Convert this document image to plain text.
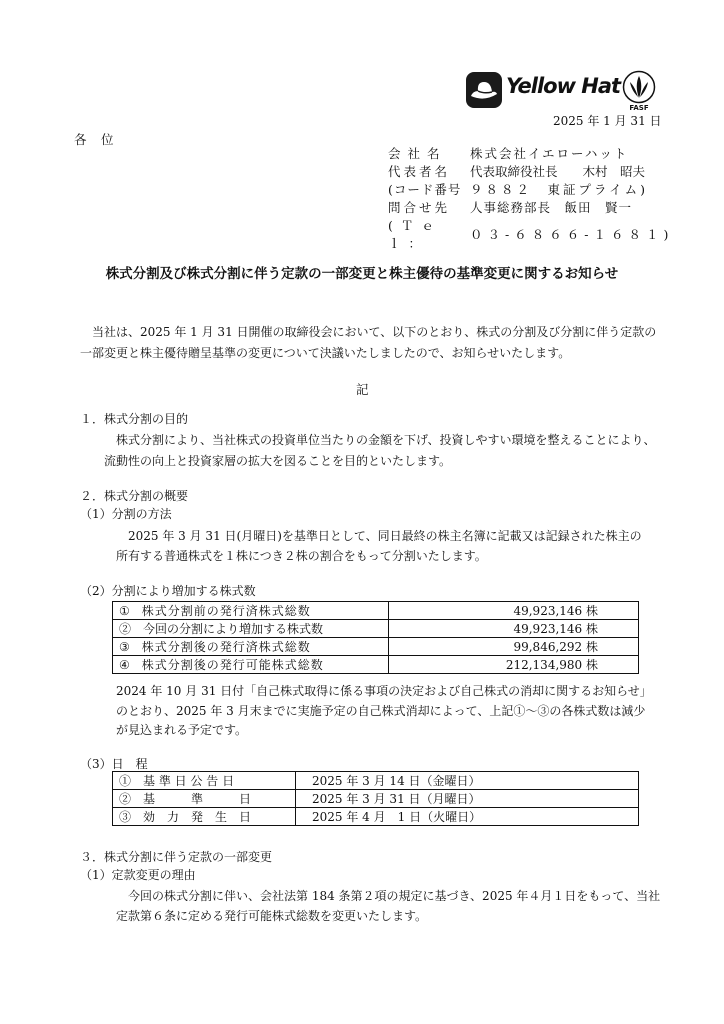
Yellow Hat
FASF
2025 年 1 月 31 日
各　位
会社名	株式会社イエローハット
代表者名	代表取締役社長　　木村　昭夫
(コード番号	９８８２　東証プライム)
問合せ先	人事総務部長　飯田　賢一
(Ｔｅｌ：	０３-６８６６-１６８１)
株式分割及び株式分割に伴う定款の一部変更と株主優待の基準変更に関するお知らせ
当社は、2025 年 1 月 31 日開催の取締役会において、以下のとおり、株式の分割及び分割に伴う定款の
一部変更と株主優待贈呈基準の変更について決議いたしましたので、お知らせいたします。
記
１．株式分割の目的
株式分割により、当社株式の投資単位当たりの金額を下げ、投資しやすい環境を整えることにより、
流動性の向上と投資家層の拡大を図ることを目的といたします。
２．株式分割の概要
（1）分割の方法
2025 年 3 月 31 日(月曜日)を基準日として、同日最終の株主名簿に記載又は記録された株主の
所有する普通株式を１株につき２株の割合をもって分割いたします。
（2）分割により増加する株式数
①　 株式分割前の発行済株式総数	49,923,146 株
②　 今回の分割により増加する株式数	49,923,146 株
③　 株式分割後の発行済株式総数	99,846,292 株
④　 株式分割後の発行可能株式総数	212,134,980 株
2024 年 10 月 31 日付「自己株式取得に係る事項の決定および自己株式の消却に関するお知らせ」
のとおり、2025 年 3 月末までに実施予定の自己株式消却によって、上記①～③の各株式数は減少
が見込まれる予定です。
（3）日　程
①　 基 準 日 公 告 日	2025 年 3 月 14 日（金曜日）
②　 基　　　準　　　日	2025 年 3 月 31 日（月曜日）
③　 効　力　発　生　日	2025 年 4 月　1 日（火曜日）
３．株式分割に伴う定款の一部変更
（1）定款変更の理由
今回の株式分割に伴い、会社法第 184 条第２項の規定に基づき、2025 年４月１日をもって、当社
定款第６条に定める発行可能株式総数を変更いたします。
